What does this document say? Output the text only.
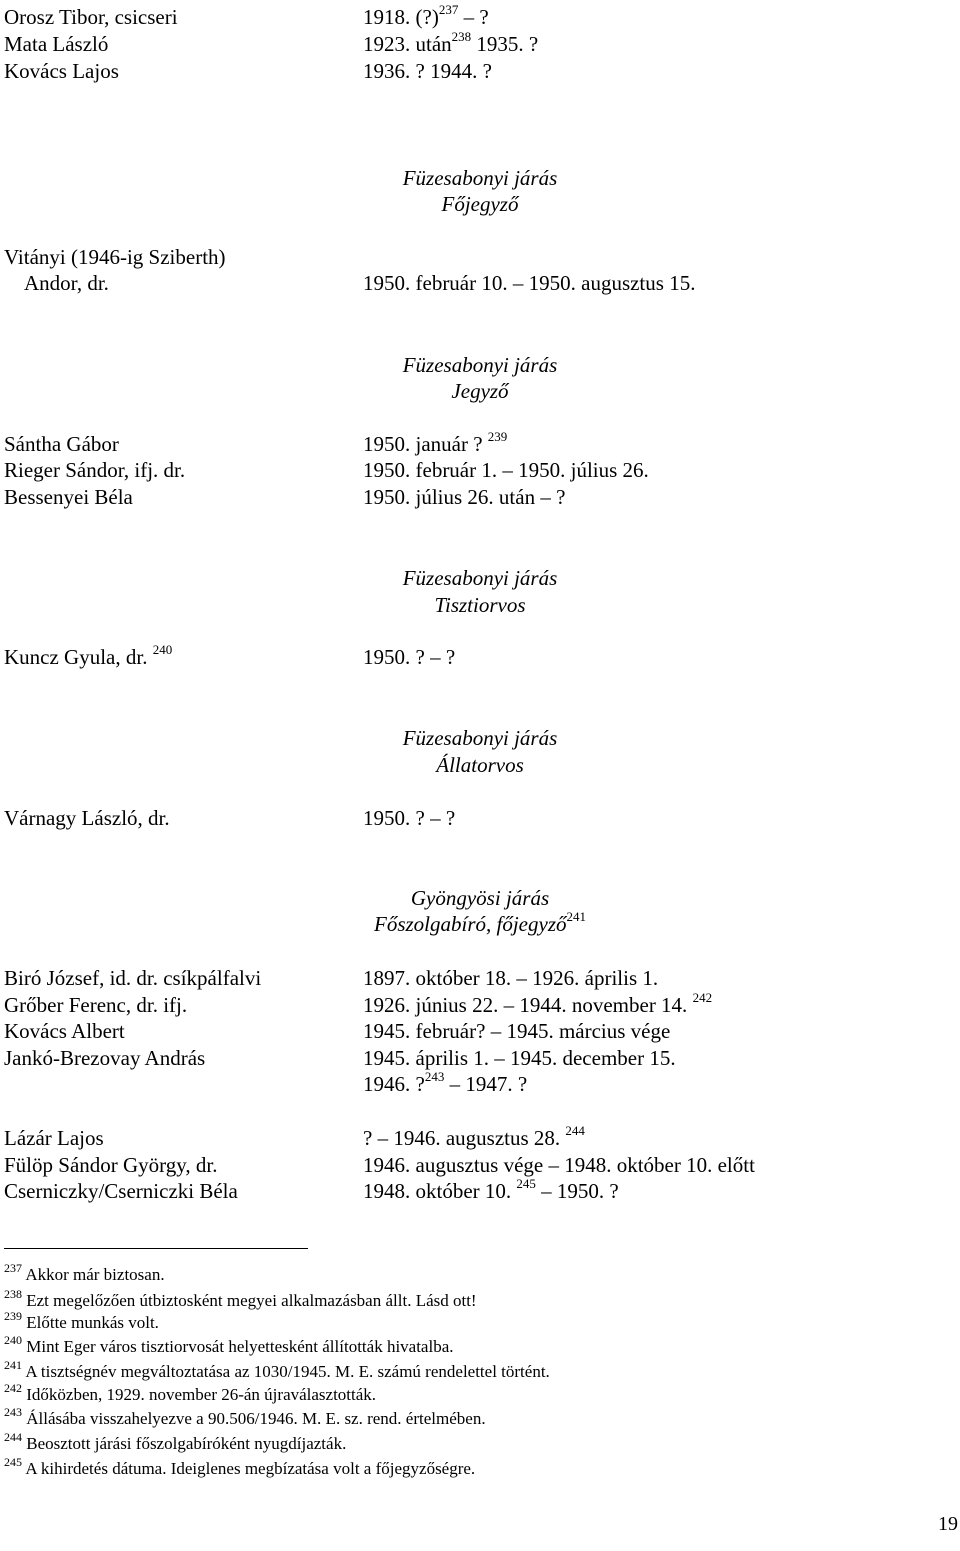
Orosz Tibor, csicseri	1918. (?)$^{237}$ – ?
Mata László	1923. után$^{238}$ 1935. ?
Kovács Lajos	1936. ? 1944. ?
Füzesabonyi járás
Főjegyző
Vitányi (1946-ig Sziberth)
Andor, dr.	1950. február 10. – 1950. augusztus 15.
Füzesabonyi járás
Jegyző
Sántha Gábor	1950. január ? $^{239}$
Rieger Sándor, ifj. dr.	1950. február 1. – 1950. július 26.
Bessenyei Béla	1950. július 26. után – ?
Füzesabonyi járás
Tisztiorvos
Kuncz Gyula, dr. $^{240}$	1950. ? – ?
Füzesabonyi járás
Állatorvos
Várnagy László, dr.	1950. ? – ?
Gyöngyösi járás
Főszolgabíró, főjegyző$^{241}$
Biró József, id. dr. csíkpálfalvi	1897. október 18. – 1926. április 1.
Grőber Ferenc, dr. ifj.	1926. június 22. – 1944. november 14. $^{242}$
Kovács Albert	1945. február? – 1945. március vége
Jankó-Brezovay András	1945. április 1. – 1945. december 15.
1946. ?$^{243}$ – 1947. ?
Lázár Lajos	? – 1946. augusztus 28. $^{244}$
Fülöp Sándor György, dr.	1946. augusztus vége – 1948. október 10. előtt
Cserniczky/Cserniczki Béla	1948. október 10. $^{245}$ – 1950. ?
$^{237}$ Akkor már biztosan.
$^{238}$ Ezt megelőzően útbiztosként megyei alkalmazásban állt. Lásd ott!
$^{239}$ Előtte munkás volt.
$^{240}$ Mint Eger város tisztiorvosát helyettesként állították hivatalba.
$^{241}$ A tisztségnév megváltoztatása az 1030/1945. M. E. számú rendelettel történt.
$^{242}$ Időközben, 1929. november 26-án újraválasztották.
$^{243}$ Állásába visszahelyezve a 90.506/1946. M. E. sz. rend. értelmében.
$^{244}$ Beosztott járási főszolgabíróként nyugdíjazták.
$^{245}$ A kihirdetés dátuma. Ideiglenes megbízatása volt a főjegyzőségre.
19
